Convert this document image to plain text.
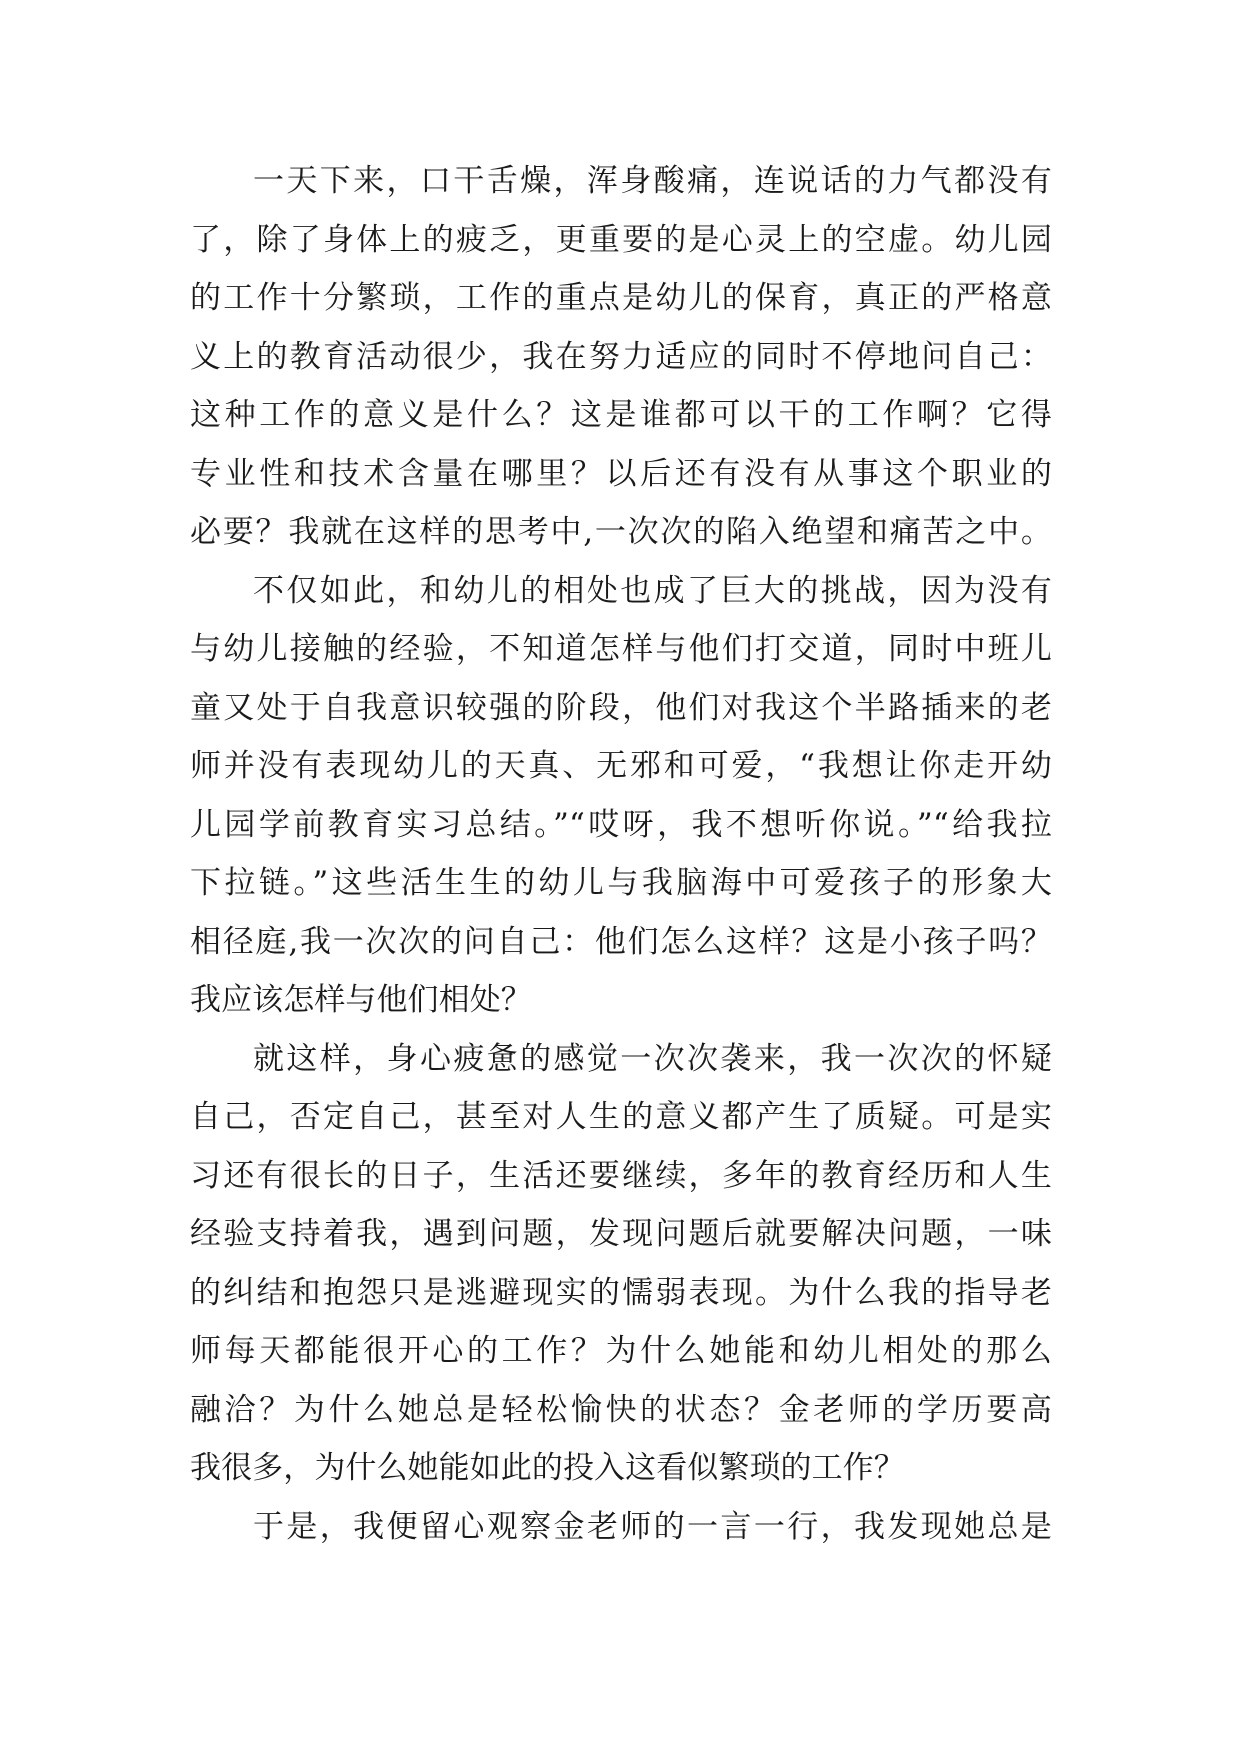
一天下来，口干舌燥，浑身酸痛，连说话的力气都没有
了，除了身体上的疲乏，更重要的是心灵上的空虚。幼儿园
的工作十分繁琐，工作的重点是幼儿的保育，真正的严格意
义上的教育活动很少，我在努力适应的同时不停地问自己：
这种工作的意义是什么？这是谁都可以干的工作啊？它得
专业性和技术含量在哪里？以后还有没有从事这个职业的
必要？我就在这样的思考中,一次次的陷入绝望和痛苦之中。
不仅如此，和幼儿的相处也成了巨大的挑战，因为没有
与幼儿接触的经验，不知道怎样与他们打交道，同时中班儿
童又处于自我意识较强的阶段，他们对我这个半路插来的老
师并没有表现幼儿的天真、无邪和可爱，“我想让你走开幼
儿园学前教育实习总结。”“哎呀，我不想听你说。”“给我拉
下拉链。”这些活生生的幼儿与我脑海中可爱孩子的形象大
相径庭,我一次次的问自己：他们怎么这样？这是小孩子吗？
我应该怎样与他们相处？
就这样，身心疲惫的感觉一次次袭来，我一次次的怀疑
自己，否定自己，甚至对人生的意义都产生了质疑。可是实
习还有很长的日子，生活还要继续，多年的教育经历和人生
经验支持着我，遇到问题，发现问题后就要解决问题，一味
的纠结和抱怨只是逃避现实的懦弱表现。为什么我的指导老
师每天都能很开心的工作？为什么她能和幼儿相处的那么
融洽？为什么她总是轻松愉快的状态？金老师的学历要高
我很多，为什么她能如此的投入这看似繁琐的工作？
于是，我便留心观察金老师的一言一行，我发现她总是
